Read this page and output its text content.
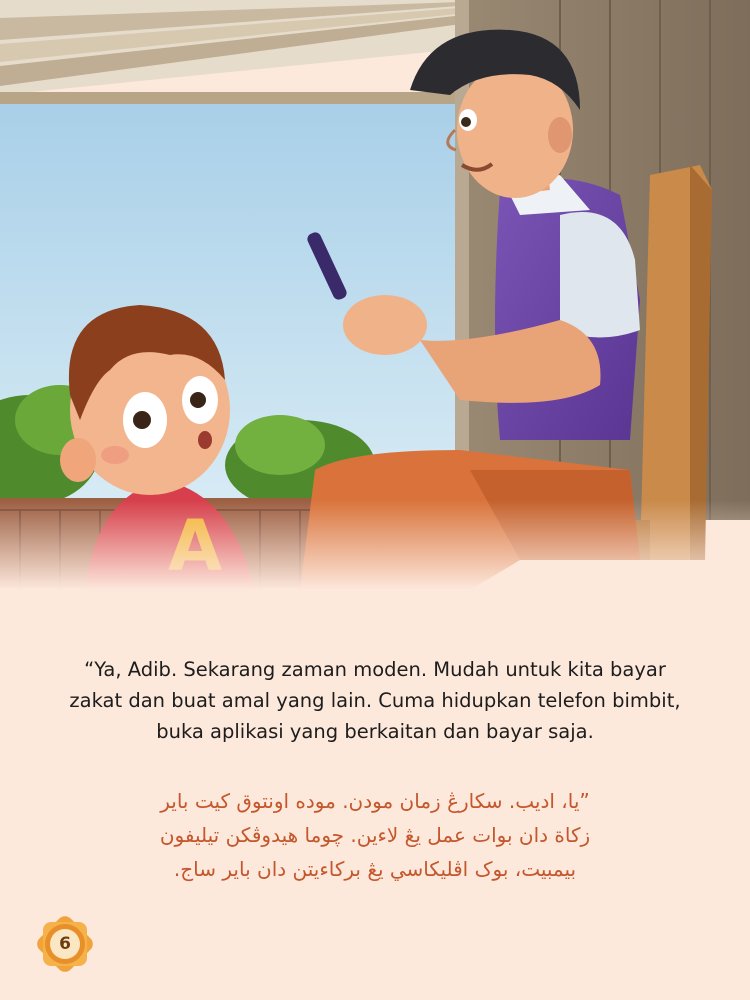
“Ya, Adib. Sekarang zaman moden. Mudah untuk kita bayar
zakat dan buat amal yang lain. Cuma hidupkan telefon bimbit,
buka aplikasi yang berkaitan dan bayar saja.
”يا، اديب. سکارڠ زمان مودن. موده اونتوق کيت باير
زکاة دان بوات عمل يڠ لاءين. چوما هيدوڤکن تيليفون
بيمبيت، بوک اڤليکاسي يڠ برکاءيتن دان باير ساج.
6
